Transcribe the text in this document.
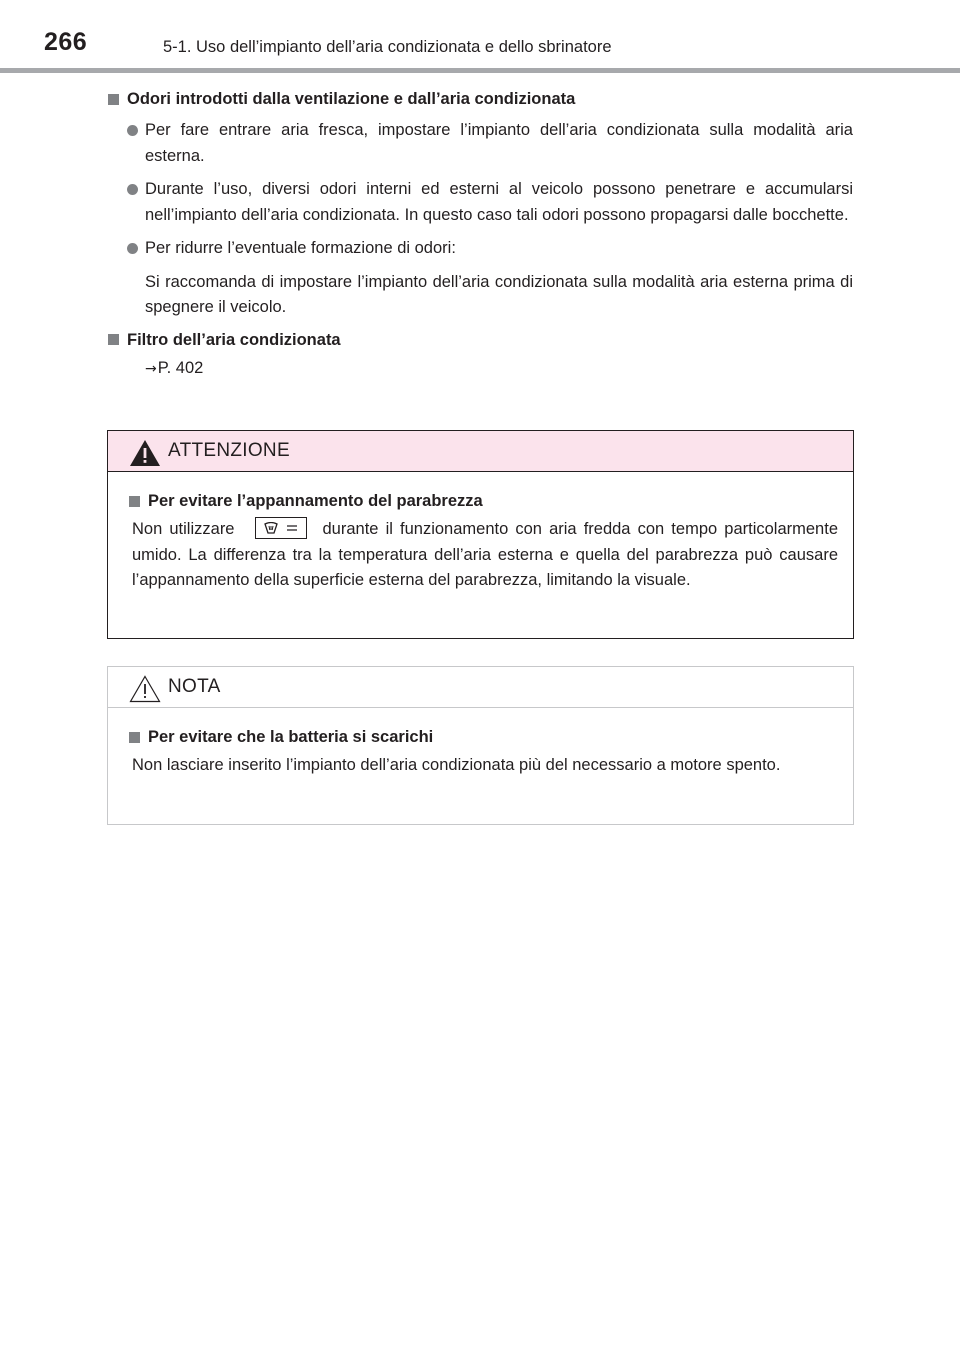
266	5-1. Uso dell’impianto dell’aria condizionata e dello sbrinatore
Odori introdotti dalla ventilazione e dall’aria condizionata
Per fare entrare aria fresca, impostare l’impianto dell’aria condizionata sulla modalità aria esterna.
Durante l’uso, diversi odori interni ed esterni al veicolo possono penetrare e accumularsi nell’impianto dell’aria condizionata. In questo caso tali odori possono propagarsi dalle bocchette.
Per ridurre l’eventuale formazione di odori:
Si raccomanda di impostare l’impianto dell’aria condizionata sulla modalità aria esterna prima di spegnere il veicolo.
Filtro dell’aria condizionata
→P. 402
ATTENZIONE
Per evitare l’appannamento del parabrezza
Non utilizzare	durante il funzionamento con aria fredda con tempo particolarmente umido. La differenza tra la temperatura dell’aria esterna e quella del parabrezza può causare l’appannamento della superficie esterna del parabrezza, limitando la visuale.
NOTA
Per evitare che la batteria si scarichi
Non lasciare inserito l’impianto dell’aria condizionata più del necessario a motore spento.
